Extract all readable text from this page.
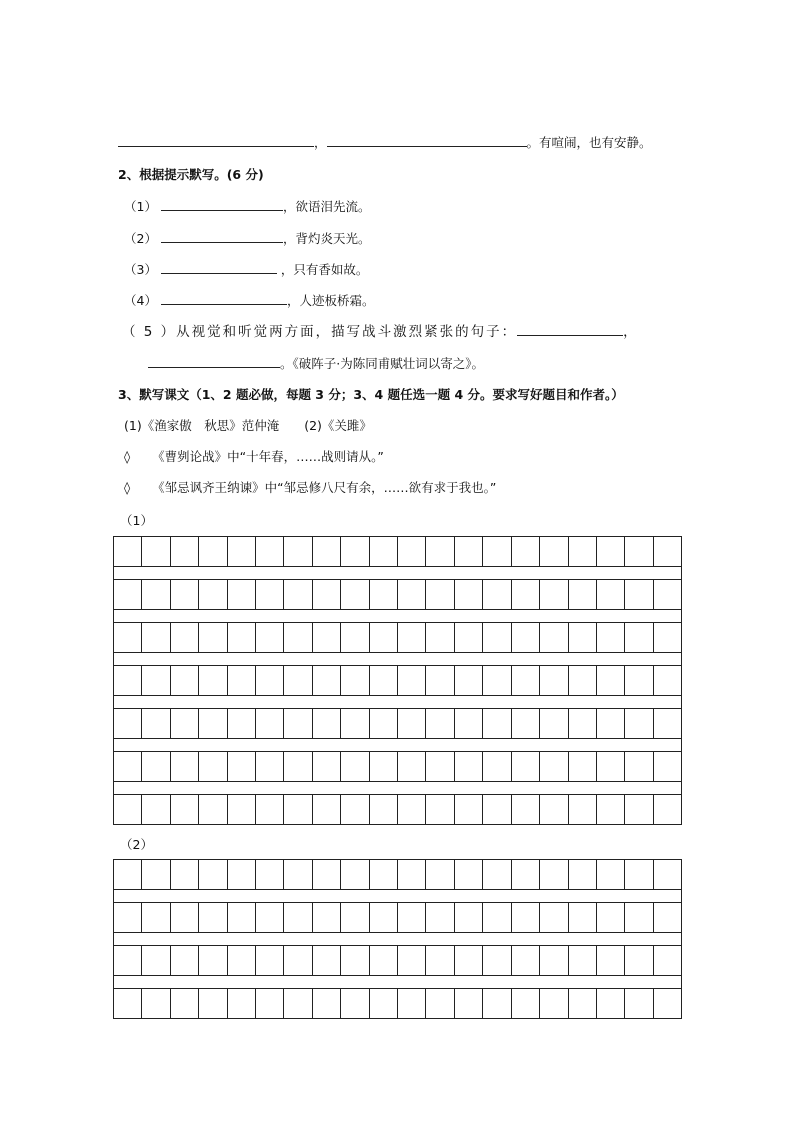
，	。有喧闹，也有安静。
2、根据提示默写。(6 分)
（1）	，欲语泪先流。
（2）	，背灼炎天光。
（3）	，只有香如故。
（4）	，人迹板桥霜。
（ 5 ）从视觉和听觉两方面，描写战斗激烈紧张的句子：	，
。《破阵子·为陈同甫赋壮词以寄之》。
3、默写课文（1、2 题必做，每题 3 分；3、4 题任选一题 4 分。要求写好题目和作者。）
(1)《渔家傲　秋思》范仲淹　　(2)《关雎》
◊ 《曹刿论战》中“十年春，……战则请从。”
◊ 《邹忌讽齐王纳谏》中“邹忌修八尺有余，……欲有求于我也。”
（1）
（2）
